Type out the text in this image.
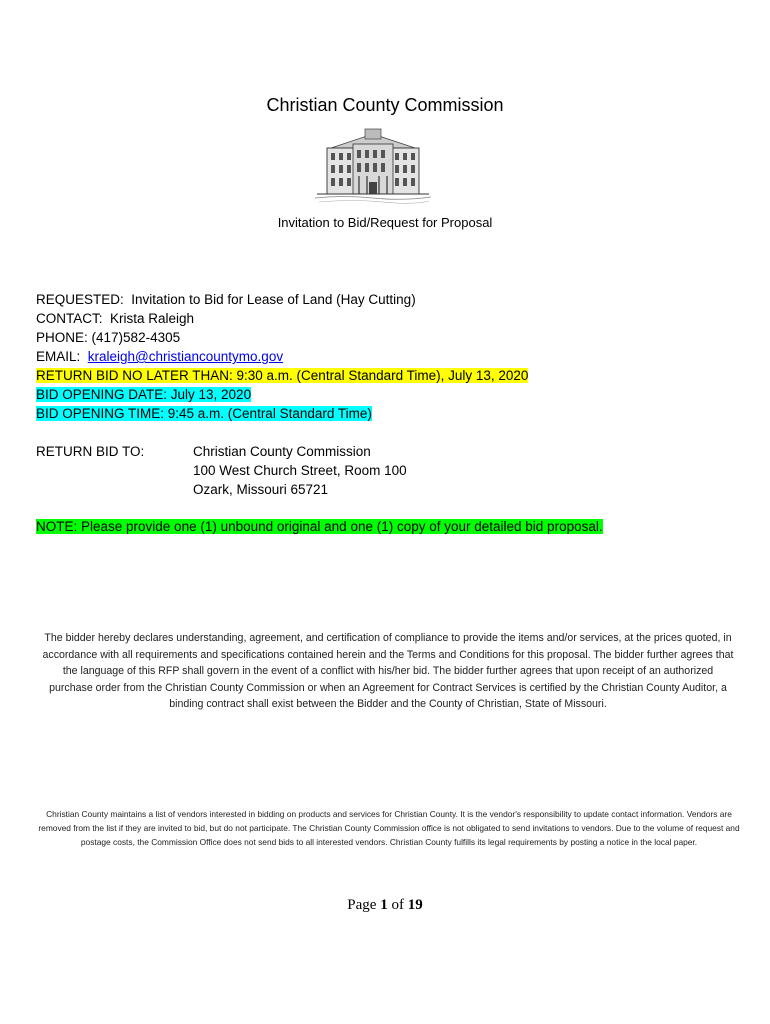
Christian County Commission
Invitation to Bid/Request for Proposal
REQUESTED: Invitation to Bid for Lease of Land (Hay Cutting)
CONTACT: Krista Raleigh
PHONE: (417)582-4305
EMAIL: kraleigh@christiancountymo.gov
RETURN BID NO LATER THAN: 9:30 a.m. (Central Standard Time), July 13, 2020
BID OPENING DATE: July 13, 2020
BID OPENING TIME: 9:45 a.m. (Central Standard Time)
RETURN BID TO:	Christian County Commission
100 West Church Street, Room 100
Ozark, Missouri 65721
NOTE: Please provide one (1) unbound original and one (1) copy of your detailed bid proposal.
The bidder hereby declares understanding, agreement, and certification of compliance to provide the items and/or services, at the prices quoted, in accordance with all requirements and specifications contained herein and the Terms and Conditions for this proposal. The bidder further agrees that the language of this RFP shall govern in the event of a conflict with his/her bid. The bidder further agrees that upon receipt of an authorized purchase order from the Christian County Commission or when an Agreement for Contract Services is certified by the Christian County Auditor, a binding contract shall exist between the Bidder and the County of Christian, State of Missouri.
Christian County maintains a list of vendors interested in bidding on products and services for Christian County. It is the vendor's responsibility to update contact information. Vendors are removed from the list if they are invited to bid, but do not participate. The Christian County Commission office is not obligated to send invitations to vendors. Due to the volume of request and postage costs, the Commission Office does not send bids to all interested vendors. Christian County fulfills its legal requirements by posting a notice in the local paper.
Page 1 of 19
